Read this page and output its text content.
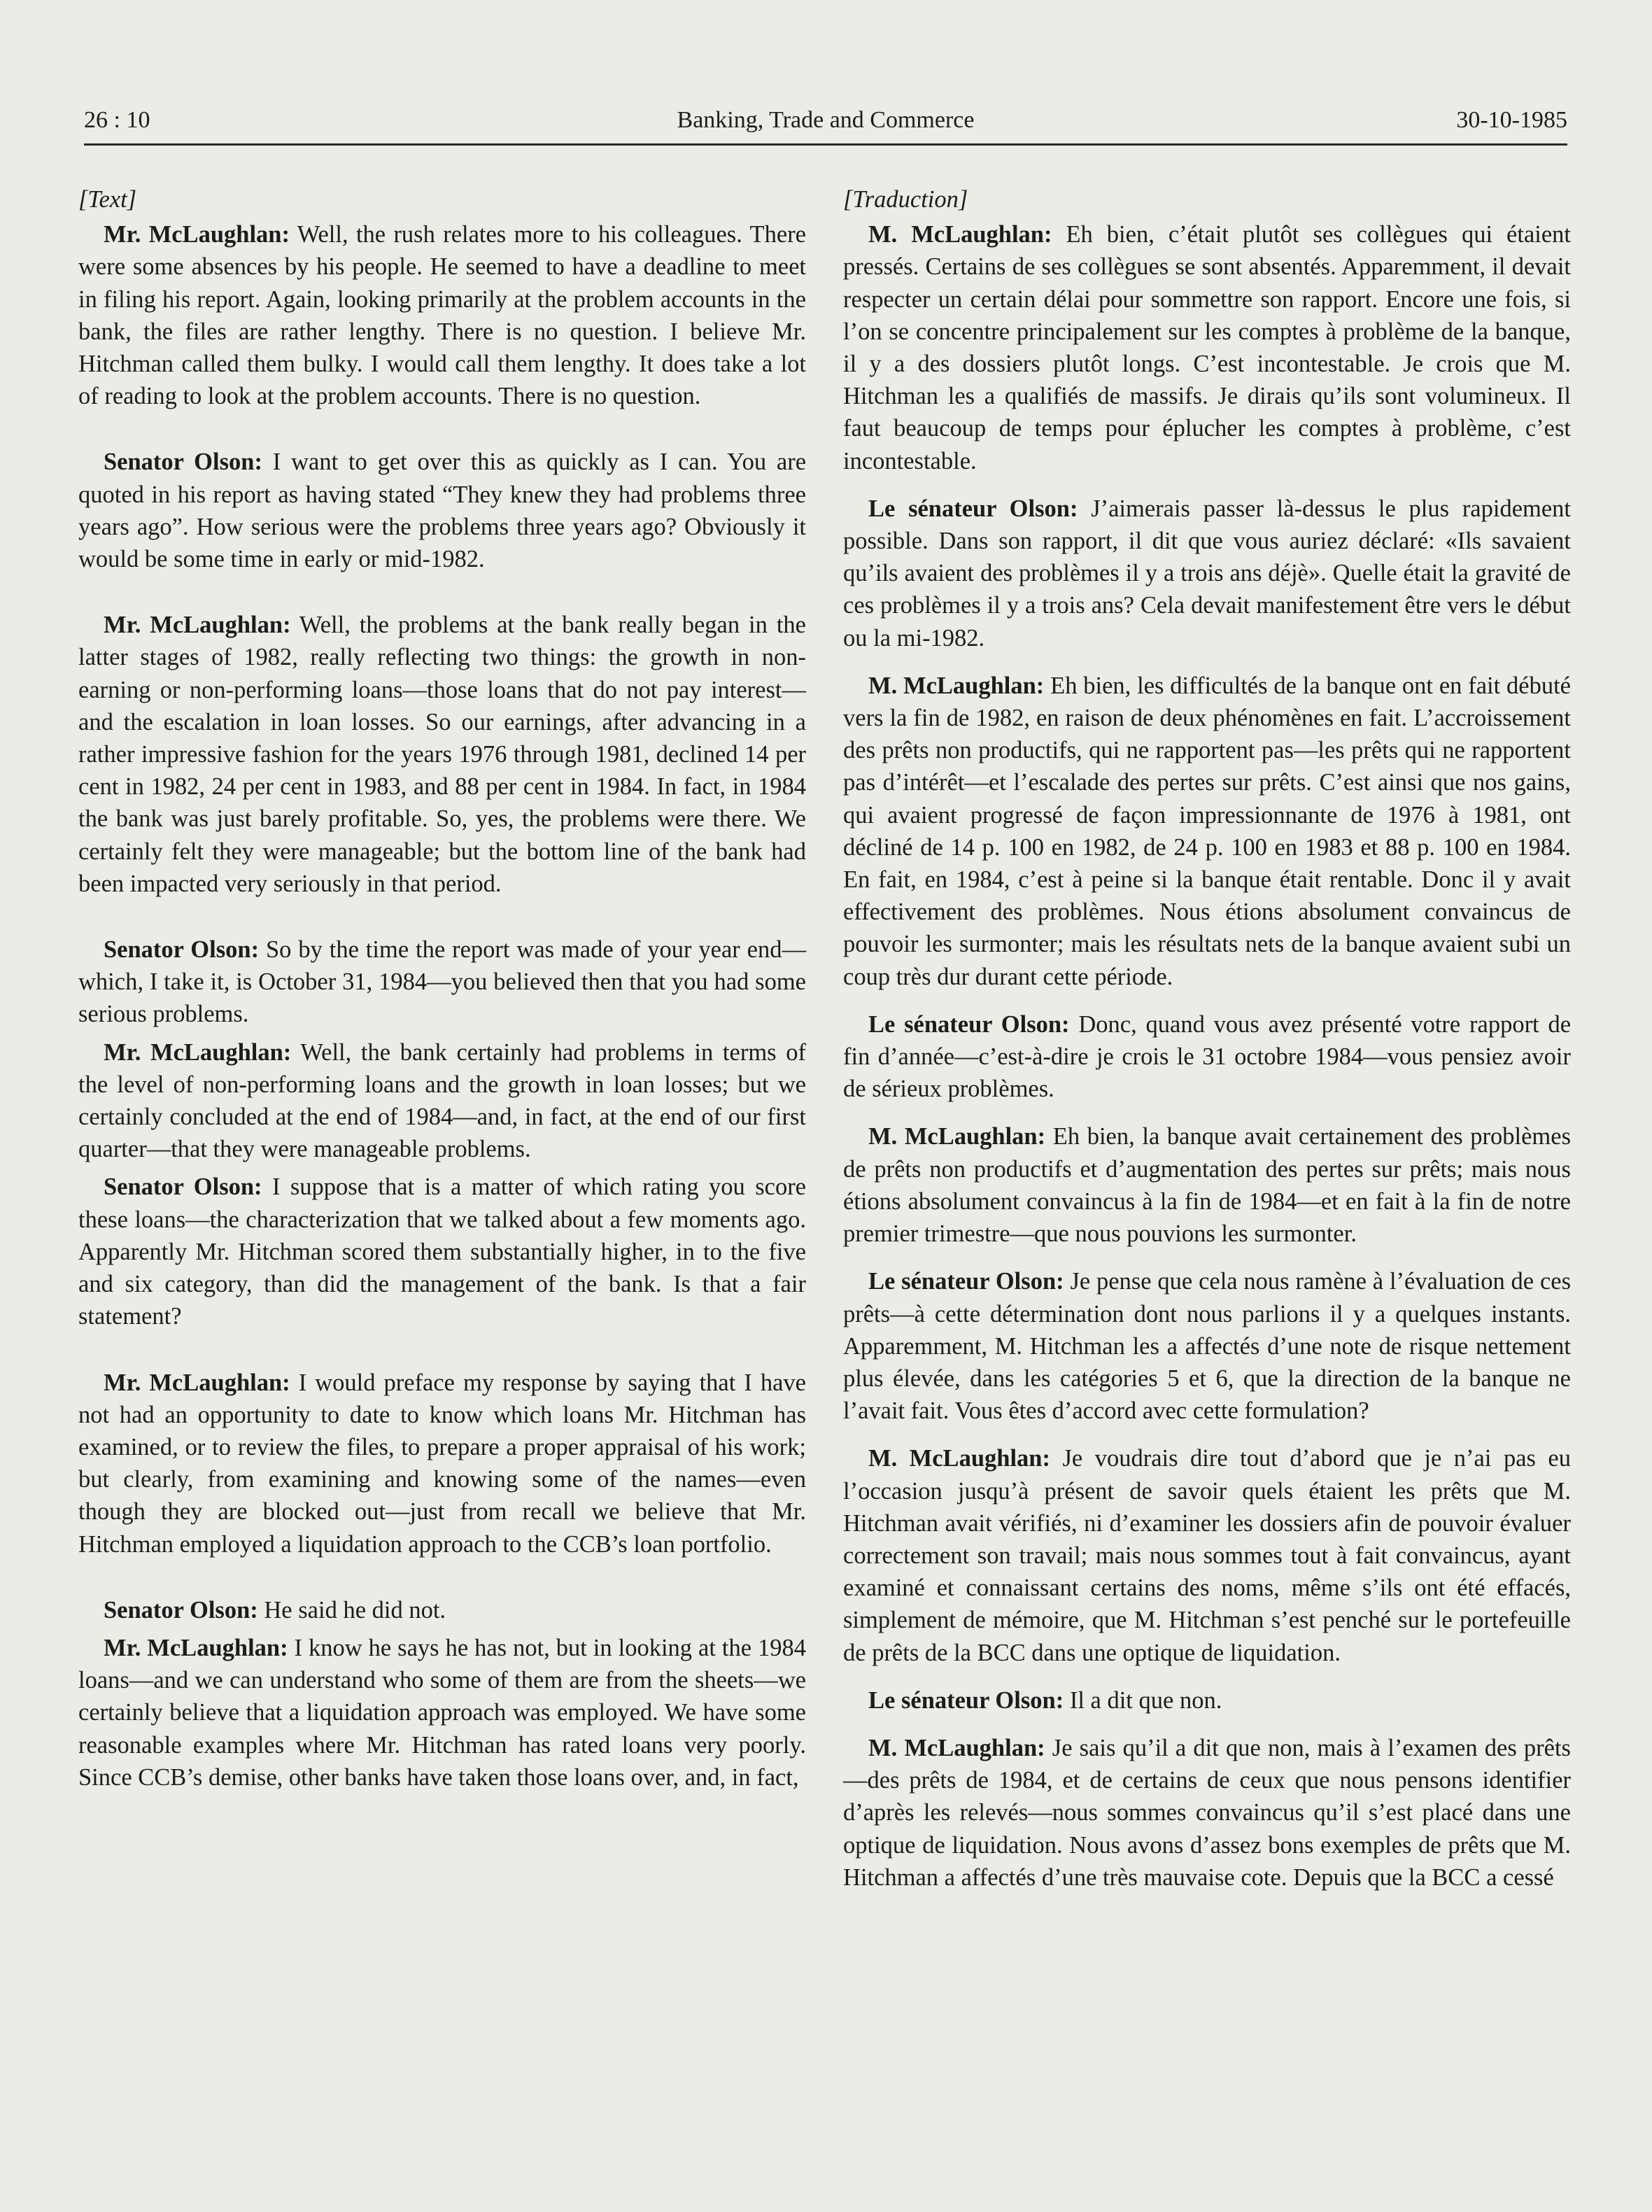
26 : 10	Banking, Trade and Commerce	30-10-1985
[Text]

Mr. McLaughlan: Well, the rush relates more to his colleagues. There were some absences by his people. He seemed to have a deadline to meet in filing his report. Again, looking primarily at the problem accounts in the bank, the files are rather lengthy. There is no question. I believe Mr. Hitchman called them bulky. I would call them lengthy. It does take a lot of reading to look at the problem accounts. There is no question.

Senator Olson: I want to get over this as quickly as I can. You are quoted in his report as having stated “They knew they had problems three years ago”. How serious were the problems three years ago? Obviously it would be some time in early or mid-1982.

Mr. McLaughlan: Well, the problems at the bank really began in the latter stages of 1982, really reflecting two things: the growth in non-earning or non-performing loans—those loans that do not pay interest—and the escalation in loan losses. So our earnings, after advancing in a rather impressive fashion for the years 1976 through 1981, declined 14 per cent in 1982, 24 per cent in 1983, and 88 per cent in 1984. In fact, in 1984 the bank was just barely profitable. So, yes, the problems were there. We certainly felt they were manageable; but the bottom line of the bank had been impacted very seriously in that period.

Senator Olson: So by the time the report was made of your year end—which, I take it, is October 31, 1984—you believed then that you had some serious problems.

Mr. McLaughlan: Well, the bank certainly had problems in terms of the level of non-performing loans and the growth in loan losses; but we certainly concluded at the end of 1984—and, in fact, at the end of our first quarter—that they were manageable problems.

Senator Olson: I suppose that is a matter of which rating you score these loans—the characterization that we talked about a few moments ago. Apparently Mr. Hitchman scored them substantially higher, in to the five and six category, than did the management of the bank. Is that a fair statement?

Mr. McLaughlan: I would preface my response by saying that I have not had an opportunity to date to know which loans Mr. Hitchman has examined, or to review the files, to prepare a proper appraisal of his work; but clearly, from examining and knowing some of the names—even though they are blocked out—just from recall we believe that Mr. Hitchman employed a liquidation approach to the CCB’s loan portfolio.

Senator Olson: He said he did not.

Mr. McLaughlan: I know he says he has not, but in looking at the 1984 loans—and we can understand who some of them are from the sheets—we certainly believe that a liquidation approach was employed. We have some reasonable examples where Mr. Hitchman has rated loans very poorly. Since CCB’s demise, other banks have taken those loans over, and, in fact,

[Traduction]

M. McLaughlan: Eh bien, c’était plutôt ses collègues qui étaient pressés. Certains de ses collègues se sont absentés. Apparemment, il devait respecter un certain délai pour sommettre son rapport. Encore une fois, si l’on se concentre principalement sur les comptes à problème de la banque, il y a des dossiers plutôt longs. C’est incontestable. Je crois que M. Hitchman les a qualifiés de massifs. Je dirais qu’ils sont volumineux. Il faut beaucoup de temps pour éplucher les comptes à problème, c’est incontestable.

Le sénateur Olson: J’aimerais passer là-dessus le plus rapidement possible. Dans son rapport, il dit que vous auriez déclaré: «Ils savaient qu’ils avaient des problèmes il y a trois ans déjè». Quelle était la gravité de ces problèmes il y a trois ans? Cela devait manifestement être vers le début ou la mi-1982.

M. McLaughlan: Eh bien, les difficultés de la banque ont en fait débuté vers la fin de 1982, en raison de deux phénomènes en fait. L’accroissement des prêts non productifs, qui ne rapportent pas—les prêts qui ne rapportent pas d’intérêt—et l’escalade des pertes sur prêts. C’est ainsi que nos gains, qui avaient progressé de façon impressionnante de 1976 à 1981, ont décliné de 14 p. 100 en 1982, de 24 p. 100 en 1983 et 88 p. 100 en 1984. En fait, en 1984, c’est à peine si la banque était rentable. Donc il y avait effectivement des problèmes. Nous étions absolument convaincus de pouvoir les surmonter; mais les résultats nets de la banque avaient subi un coup très dur durant cette période.

Le sénateur Olson: Donc, quand vous avez présenté votre rapport de fin d’année—c’est-à-dire je crois le 31 octobre 1984—vous pensiez avoir de sérieux problèmes.

M. McLaughlan: Eh bien, la banque avait certainement des problèmes de prêts non productifs et d’augmentation des pertes sur prêts; mais nous étions absolument convaincus à la fin de 1984—et en fait à la fin de notre premier trimestre—que nous pouvions les surmonter.

Le sénateur Olson: Je pense que cela nous ramène à l’évaluation de ces prêts—à cette détermination dont nous parlions il y a quelques instants. Apparemment, M. Hitchman les a affectés d’une note de risque nettement plus élevée, dans les catégories 5 et 6, que la direction de la banque ne l’avait fait. Vous êtes d’accord avec cette formulation?

M. McLaughlan: Je voudrais dire tout d’abord que je n’ai pas eu l’occasion jusqu’à présent de savoir quels étaient les prêts que M. Hitchman avait vérifiés, ni d’examiner les dossiers afin de pouvoir évaluer correctement son travail; mais nous sommes tout à fait convaincus, ayant examiné et connaissant certains des noms, même s’ils ont été effacés, simplement de mémoire, que M. Hitchman s’est penché sur le portefeuille de prêts de la BCC dans une optique de liquidation.

Le sénateur Olson: Il a dit que non.

M. McLaughlan: Je sais qu’il a dit que non, mais à l’examen des prêts—des prêts de 1984, et de certains de ceux que nous pensons identifier d’après les relevés—nous sommes convaincus qu’il s’est placé dans une optique de liquidation. Nous avons d’assez bons exemples de prêts que M. Hitchman a affectés d’une très mauvaise cote. Depuis que la BCC a cessé
